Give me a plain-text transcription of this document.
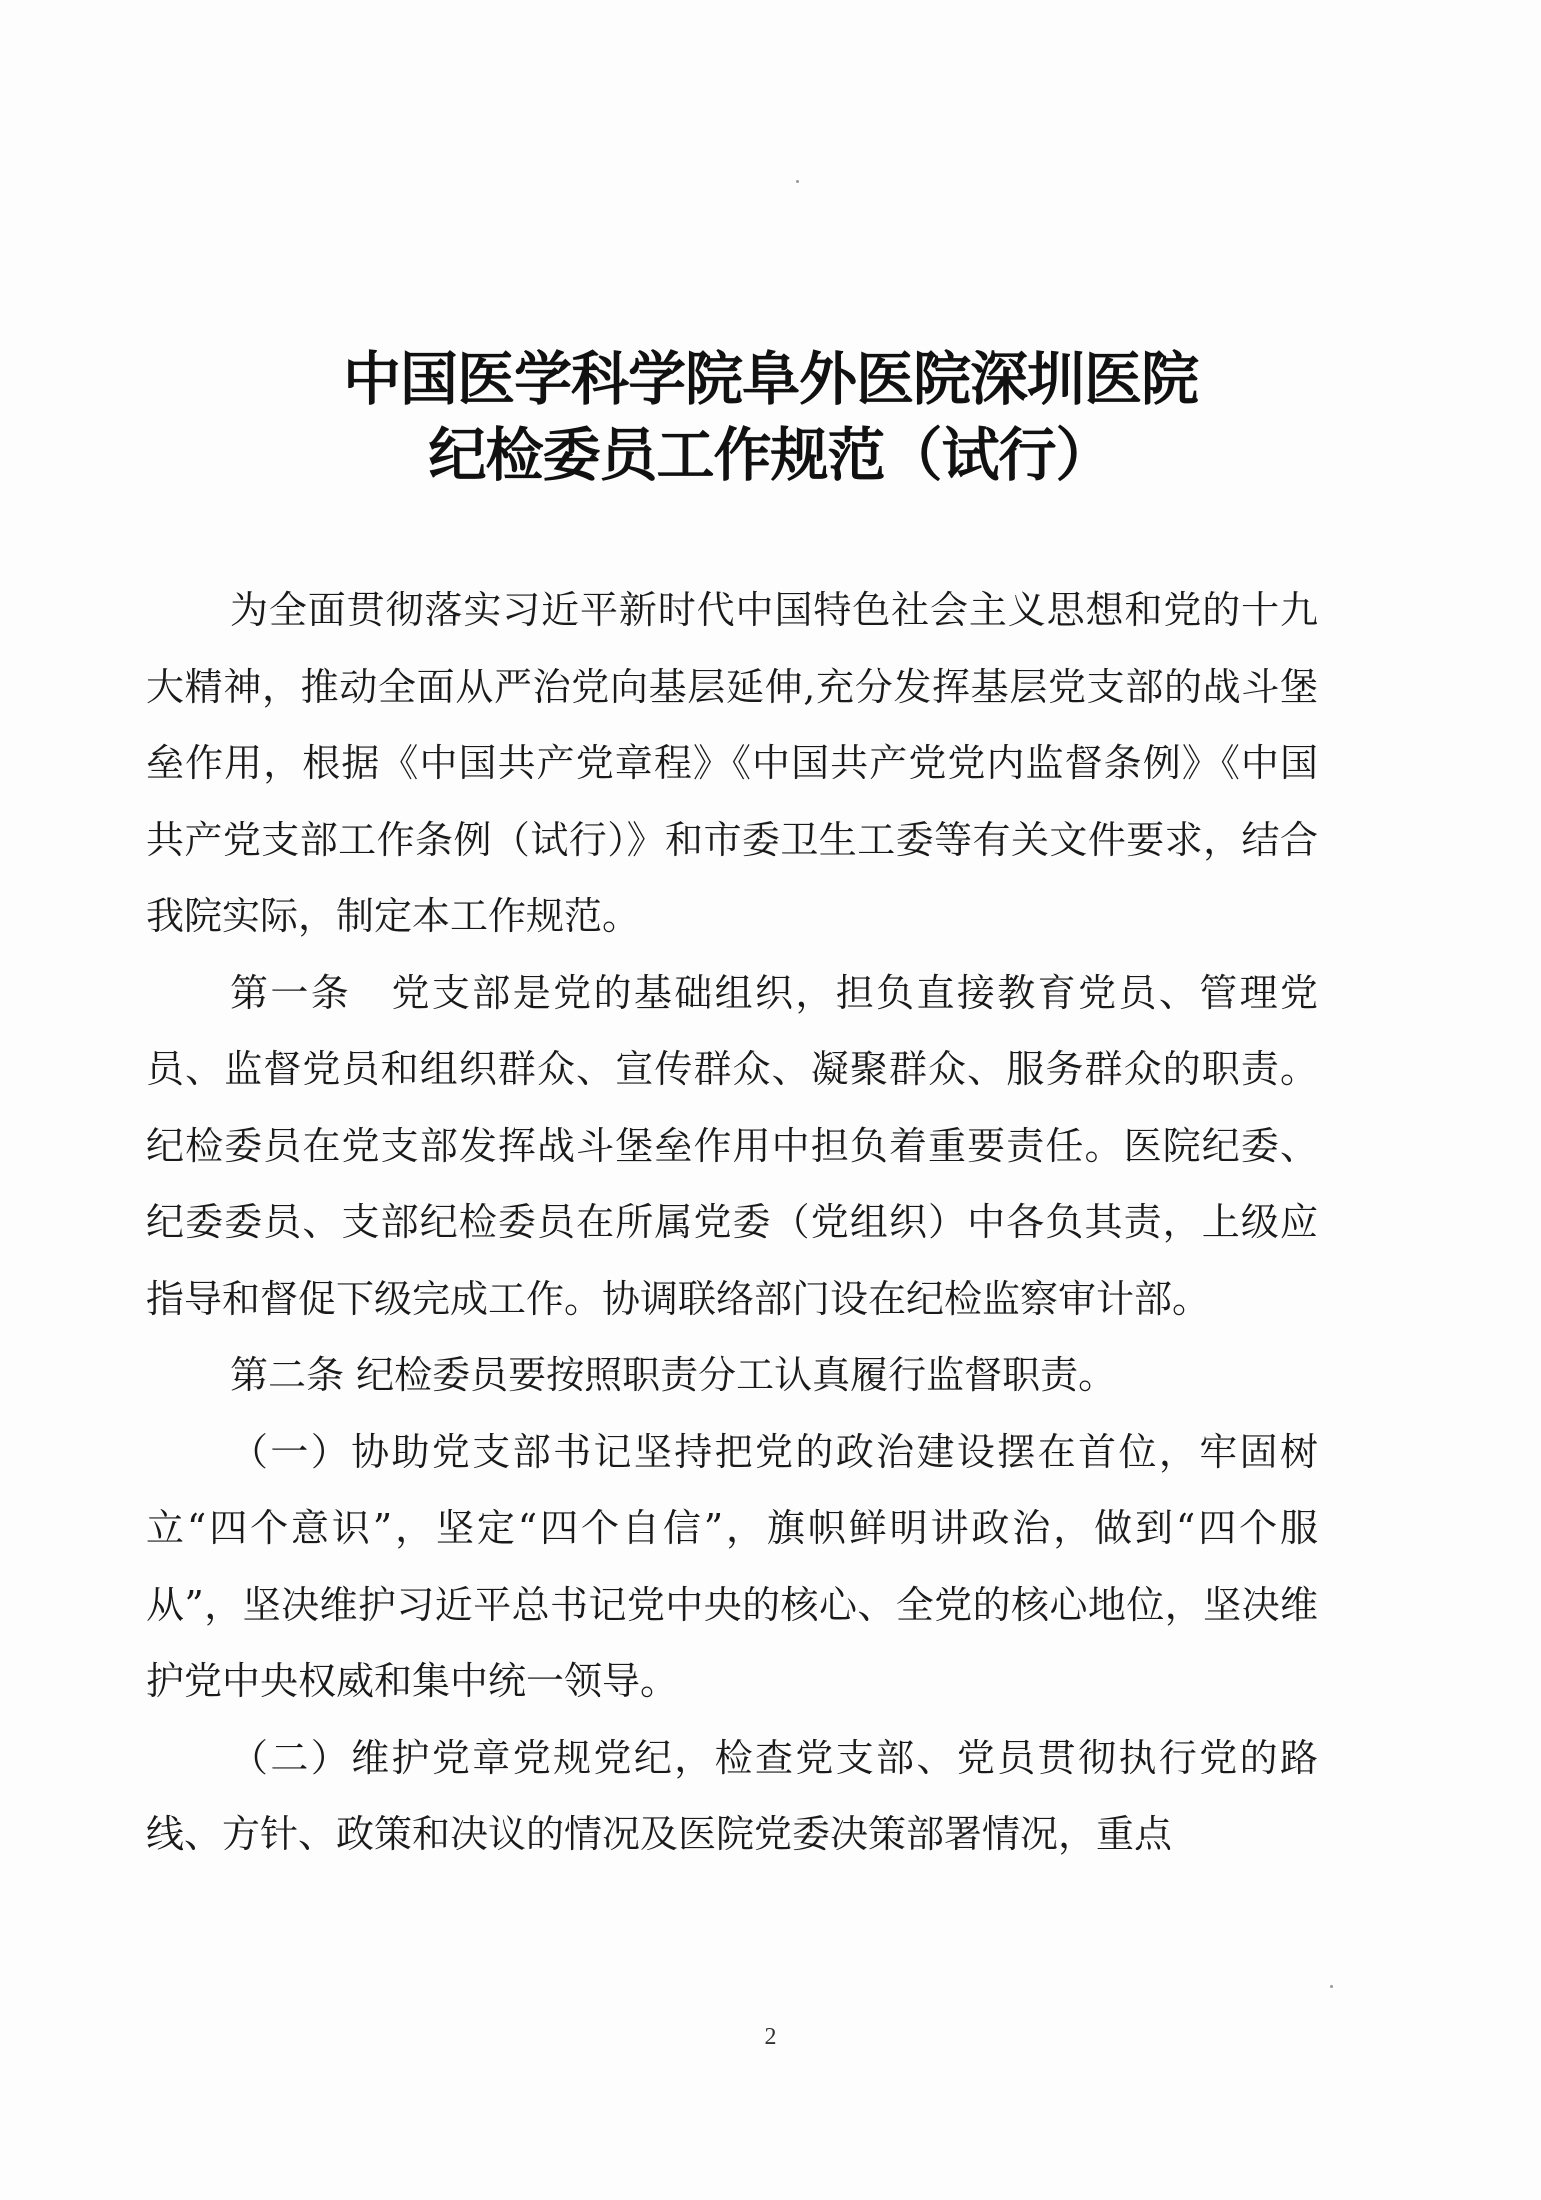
中国医学科学院阜外医院深圳医院
纪检委员工作规范（试行）

为全面贯彻落实习近平新时代中国特色社会主义思想和党的十九大精神，推动全面从严治党向基层延伸,充分发挥基层党支部的战斗堡垒作用，根据《中国共产党章程》《中国共产党党内监督条例》《中国共产党支部工作条例（试行）》和市委卫生工委等有关文件要求，结合我院实际，制定本工作规范。

第一条　党支部是党的基础组织，担负直接教育党员、管理党员、监督党员和组织群众、宣传群众、凝聚群众、服务群众的职责。纪检委员在党支部发挥战斗堡垒作用中担负着重要责任。医院纪委、纪委委员、支部纪检委员在所属党委（党组织）中各负其责，上级应指导和督促下级完成工作。协调联络部门设在纪检监察审计部。

第二条 纪检委员要按照职责分工认真履行监督职责。

（一）协助党支部书记坚持把党的政治建设摆在首位，牢固树立“四个意识”，坚定“四个自信”，旗帜鲜明讲政治，做到“四个服从”，坚决维护习近平总书记党中央的核心、全党的核心地位，坚决维护党中央权威和集中统一领导。

（二）维护党章党规党纪，检查党支部、党员贯彻执行党的路线、方针、政策和决议的情况及医院党委决策部署情况，重点

2
